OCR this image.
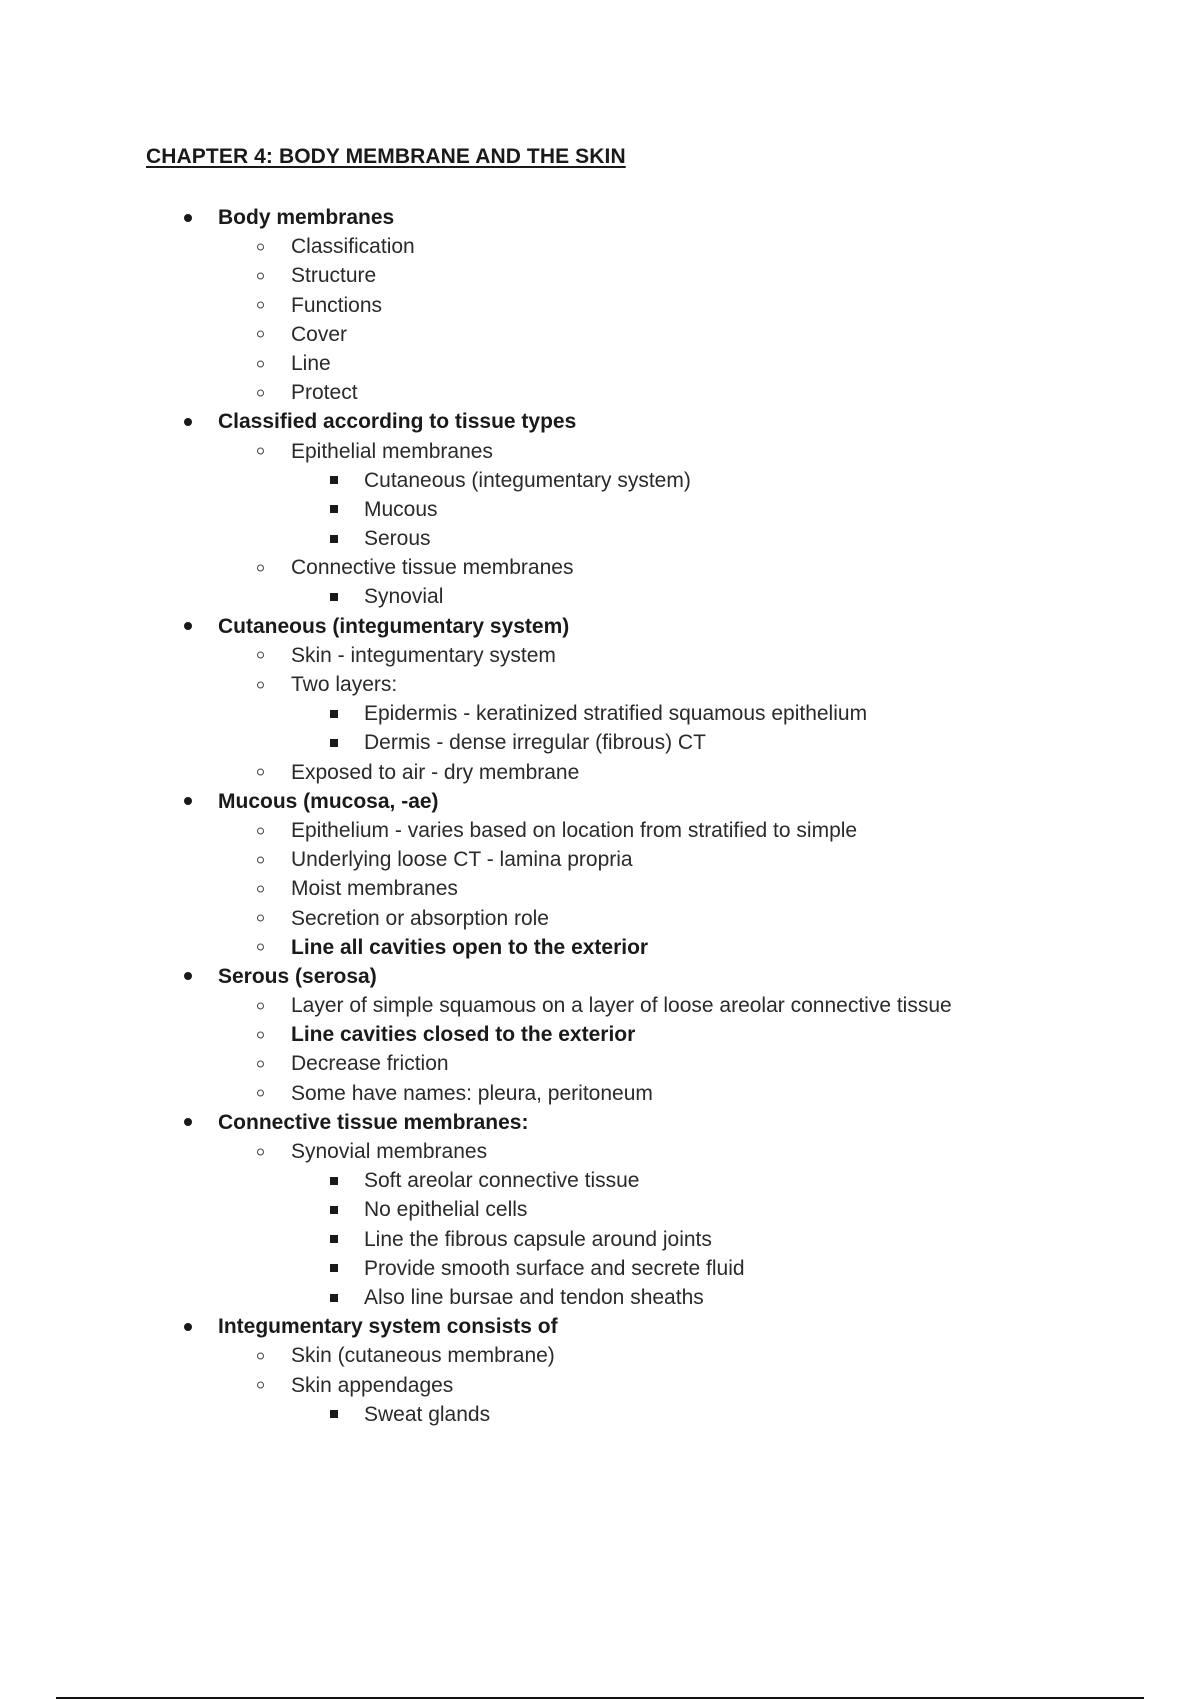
CHAPTER 4: BODY MEMBRANE AND THE SKIN
Body membranes
Classification
Structure
Functions
Cover
Line
Protect
Classified according to tissue types
Epithelial membranes
Cutaneous (integumentary system)
Mucous
Serous
Connective tissue membranes
Synovial
Cutaneous (integumentary system)
Skin - integumentary system
Two layers:
Epidermis - keratinized stratified squamous epithelium
Dermis - dense irregular (fibrous) CT
Exposed to air - dry membrane
Mucous (mucosa, -ae)
Epithelium - varies based on location from stratified to simple
Underlying loose CT - lamina propria
Moist membranes
Secretion or absorption role
Line all cavities open to the exterior
Serous (serosa)
Layer of simple squamous on a layer of loose areolar connective tissue
Line cavities closed to the exterior
Decrease friction
Some have names: pleura, peritoneum
Connective tissue membranes:
Synovial membranes
Soft areolar connective tissue
No epithelial cells
Line the fibrous capsule around joints
Provide smooth surface and secrete fluid
Also line bursae and tendon sheaths
Integumentary system consists of
Skin (cutaneous membrane)
Skin appendages
Sweat glands
